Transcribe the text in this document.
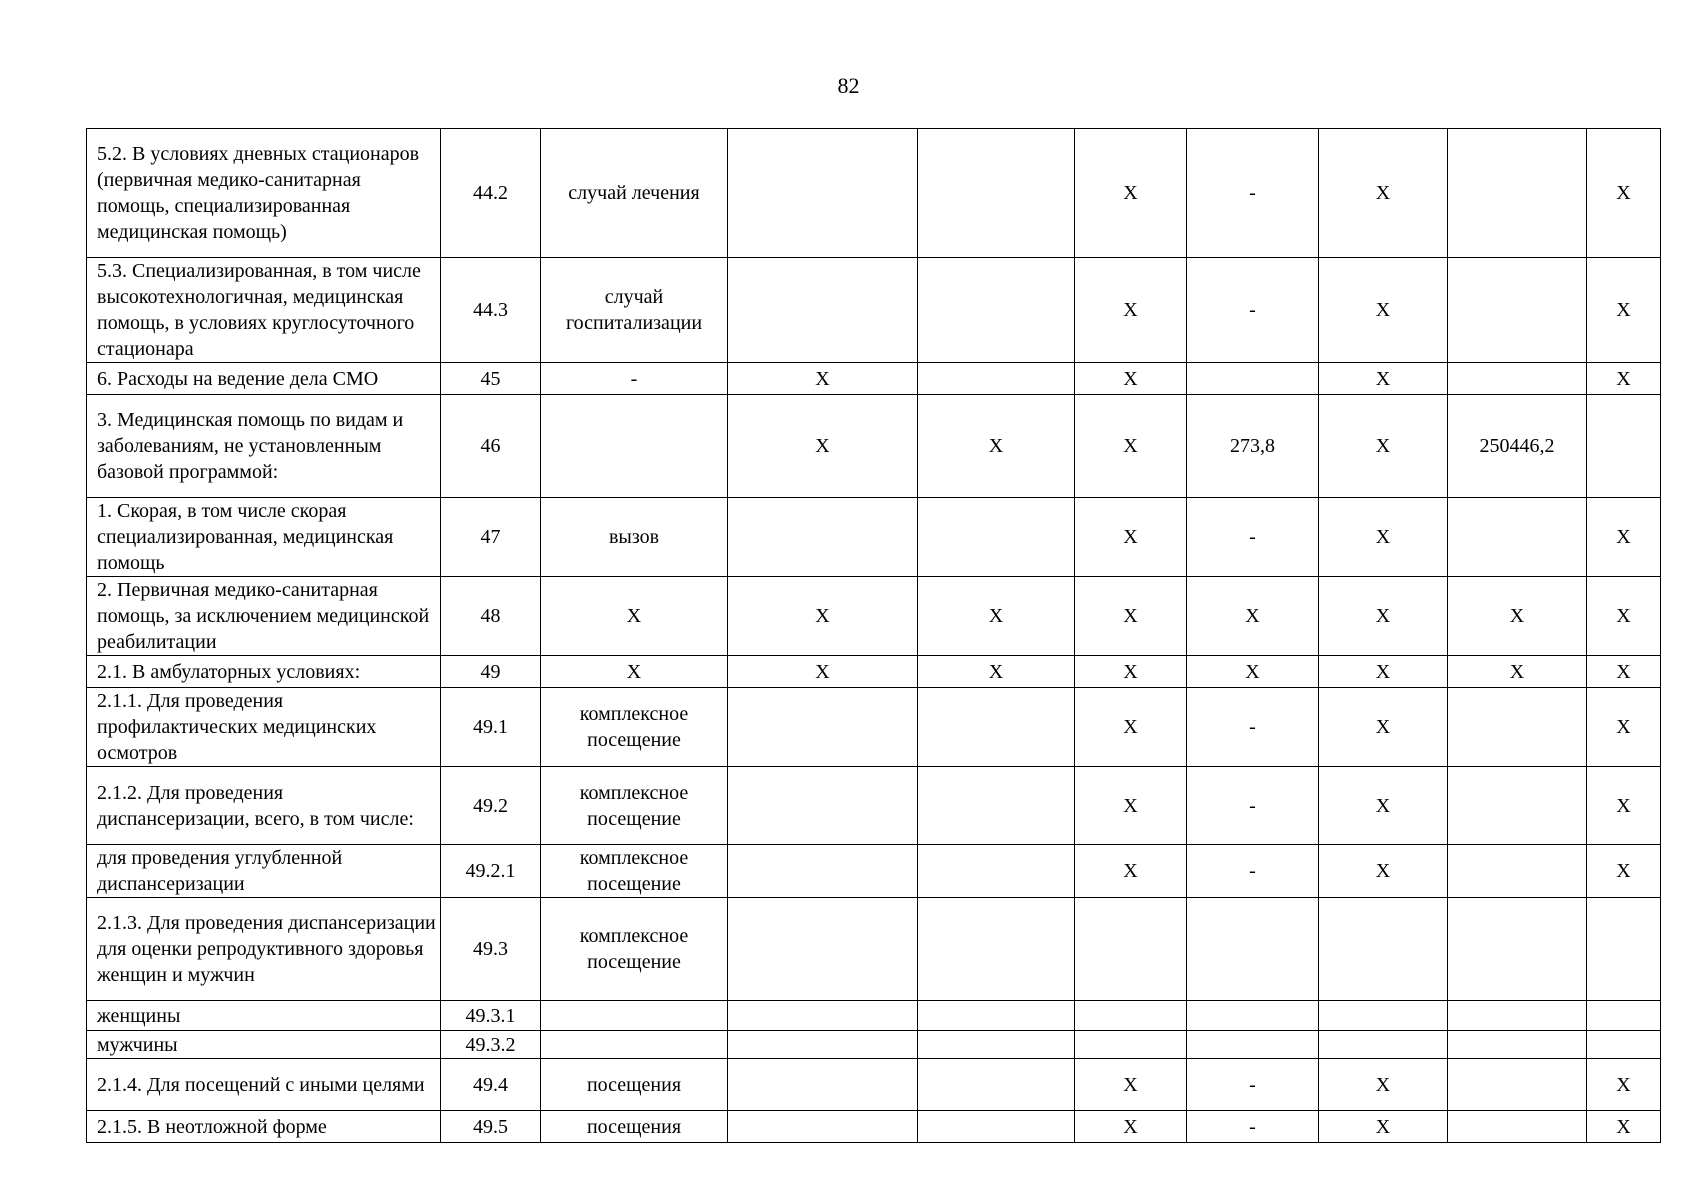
82
5.2. В условиях дневных стационаров (первичная медико-санитарная помощь, специализированная медицинская помощь)	44.2	случай лечения			X	-	X		X
5.3. Специализированная, в том числе высокотехнологичная, медицинская помощь, в условиях круглосуточного стационара	44.3	случай госпитализации			X	-	X		X
6. Расходы на ведение дела СМО	45	-	X		X		X		X
3. Медицинская помощь по видам и заболеваниям, не установленным базовой программой:	46		X	X	X	273,8	X	250446,2	
1. Скорая, в том числе скорая специализированная, медицинская помощь	47	вызов			X	-	X		X
2. Первичная медико-санитарная помощь, за исключением медицинской реабилитации	48	X	X	X	X	X	X	X	X
2.1. В амбулаторных условиях:	49	X	X	X	X	X	X	X	X
2.1.1. Для проведения профилактических медицинских осмотров	49.1	комплексное посещение			X	-	X		X
2.1.2. Для проведения диспансеризации, всего, в том числе:	49.2	комплексное посещение			X	-	X		X
для проведения углубленной диспансеризации	49.2.1	комплексное посещение			X	-	X		X
2.1.3. Для проведения диспансеризации для оценки репродуктивного здоровья женщин и мужчин	49.3	комплексное посещение							
женщины	49.3.1								
мужчины	49.3.2								
2.1.4. Для посещений с иными целями	49.4	посещения			X	-	X		X
2.1.5. В неотложной форме	49.5	посещения			X	-	X		X
